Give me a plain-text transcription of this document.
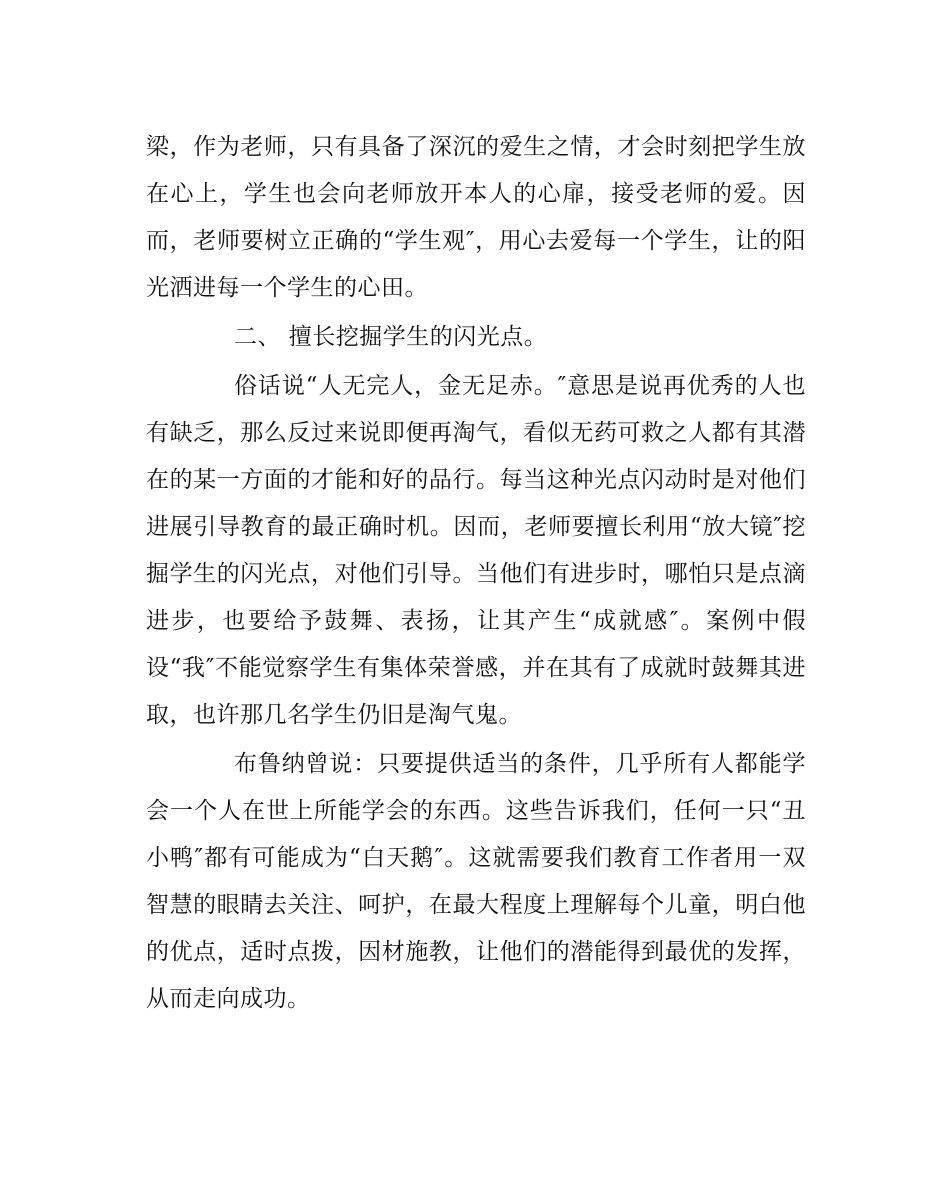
梁，作为老师，只有具备了深沉的爱生之情，才会时刻把学生放在心上，学生也会向老师放开本人的心扉，接受老师的爱。因而，老师要树立正确的“学生观″，用心去爱每一个学生，让的阳光洒进每一个学生的心田。

二、 擅长挖掘学生的闪光点。

俗话说“人无完人，金无足赤。″意思是说再优秀的人也有缺乏，那么反过来说即便再淘气，看似无药可救之人都有其潜在的某一方面的才能和好的品行。每当这种光点闪动时是对他们进展引导教育的最正确时机。因而，老师要擅长利用“放大镜″挖掘学生的闪光点，对他们引导。当他们有进步时，哪怕只是点滴进步，也要给予鼓舞、表扬，让其产生“成就感″。案例中假设“我″不能觉察学生有集体荣誉感，并在其有了成就时鼓舞其进取，也许那几名学生仍旧是淘气鬼。

布鲁纳曾说：只要提供适当的条件，几乎所有人都能学会一个人在世上所能学会的东西。这些告诉我们，任何一只“丑小鸭″都有可能成为“白天鹅″。这就需要我们教育工作者用一双智慧的眼睛去关注、呵护，在最大程度上理解每个儿童，明白他的优点，适时点拨，因材施教，让他们的潜能得到最优的发挥，从而走向成功。
